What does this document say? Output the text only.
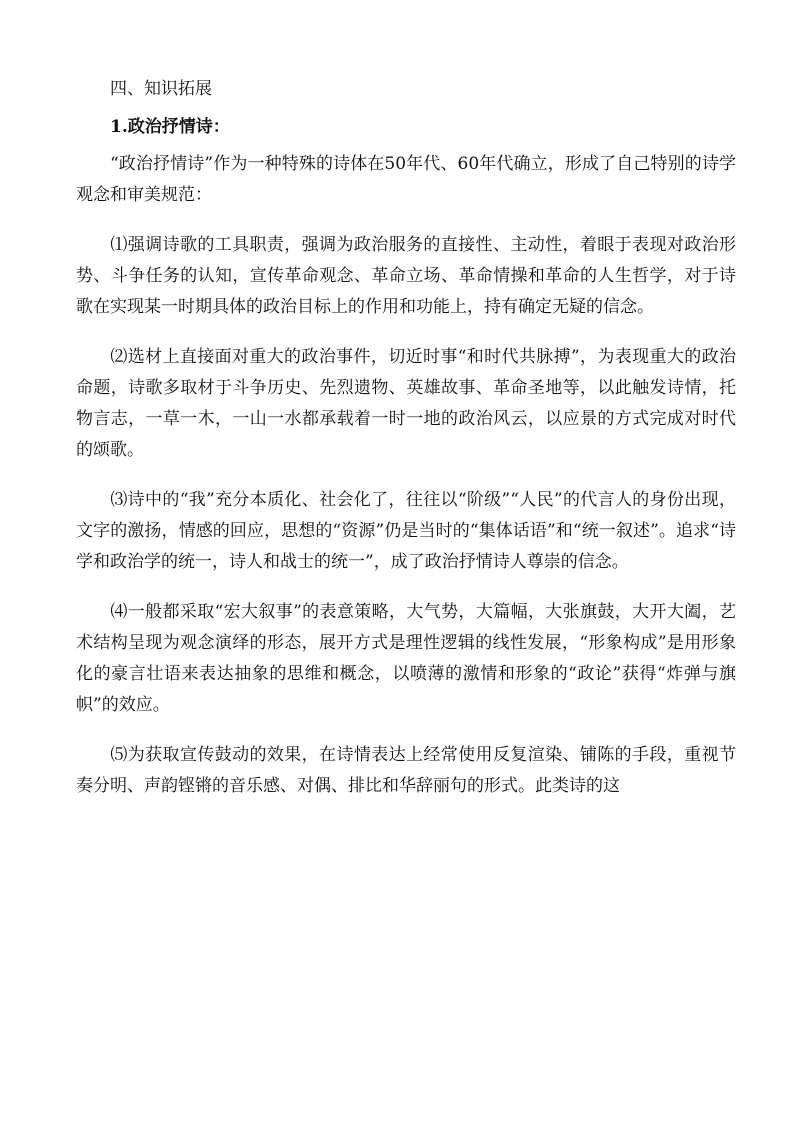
四、知识拓展

1.政治抒情诗：

“政治抒情诗”作为一种特殊的诗体在50年代、60年代确立，形成了自己特别的诗学观念和审美规范：

⑴强调诗歌的工具职责，强调为政治服务的直接性、主动性，着眼于表现对政治形势、斗争任务的认知，宣传革命观念、革命立场、革命情操和革命的人生哲学，对于诗歌在实现某一时期具体的政治目标上的作用和功能上，持有确定无疑的信念。

⑵选材上直接面对重大的政治事件，切近时事“和时代共脉搏”，为表现重大的政治命题，诗歌多取材于斗争历史、先烈遗物、英雄故事、革命圣地等，以此触发诗情，托物言志，一草一木，一山一水都承载着一时一地的政治风云，以应景的方式完成对时代的颂歌。

⑶诗中的“我”充分本质化、社会化了，往往以“阶级”“人民”的代言人的身份出现，文字的激扬，情感的回应，思想的“资源”仍是当时的“集体话语”和“统一叙述”。追求“诗学和政治学的统一，诗人和战士的统一”，成了政治抒情诗人尊崇的信念。

⑷一般都采取“宏大叙事”的表意策略，大气势，大篇幅，大张旗鼓，大开大阖，艺术结构呈现为观念演绎的形态，展开方式是理性逻辑的线性发展，“形象构成”是用形象化的豪言壮语来表达抽象的思维和概念，以喷薄的激情和形象的“政论”获得“炸弹与旗帜”的效应。

⑸为获取宣传鼓动的效果，在诗情表达上经常使用反复渲染、铺陈的手段，重视节奏分明、声韵铿锵的音乐感、对偶、排比和华辞丽句的形式。此类诗的这
